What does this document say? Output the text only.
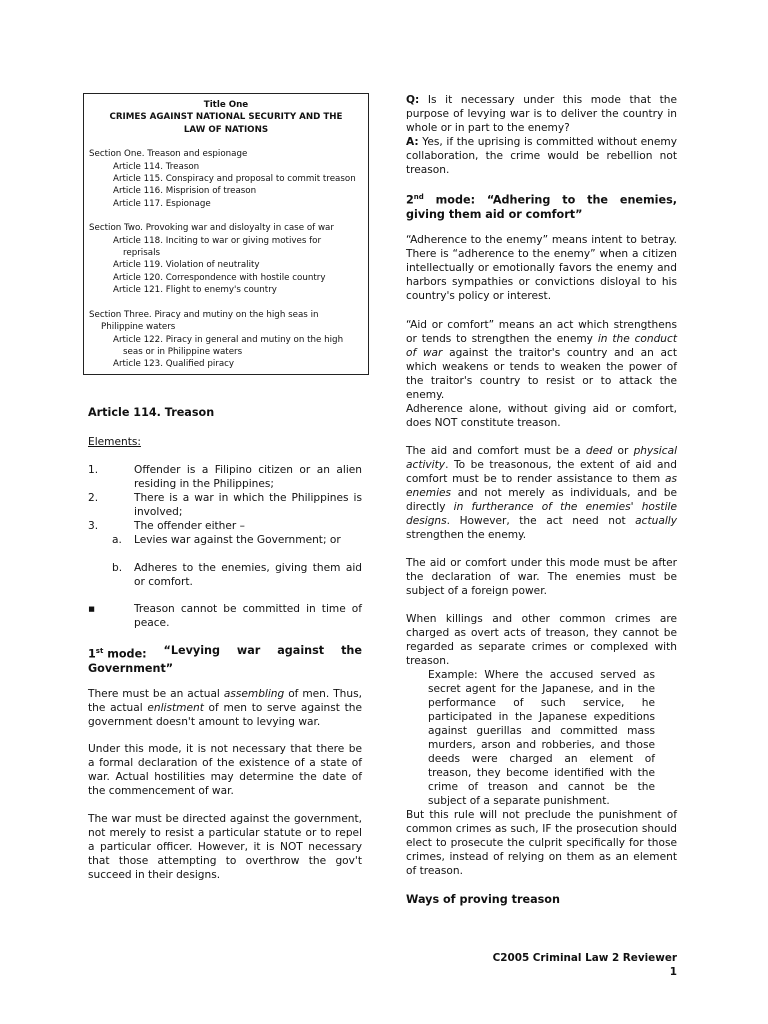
Title One
CRIMES AGAINST NATIONAL SECURITY AND THE
LAW OF NATIONS
Section One. Treason and espionage
Article 114. Treason
Article 115. Conspiracy and proposal to commit treason
Article 116. Misprision of treason
Article 117. Espionage
Section Two. Provoking war and disloyalty in case of war
Article 118. Inciting to war or giving motives for
reprisals
Article 119. Violation of neutrality
Article 120. Correspondence with hostile country
Article 121. Flight to enemy's country
Section Three. Piracy and mutiny on the high seas in
Philippine waters
Article 122. Piracy in general and mutiny on the high
seas or in Philippine waters
Article 123. Qualified piracy
Article 114. Treason

Elements:

1.	Offender is a Filipino citizen or an alien residing in the Philippines;
2.	There is a war in which the Philippines is involved;
3.	The offender either –
a. Levies war against the Government; or
b. Adheres to the enemies, giving them aid or comfort.
▪	Treason cannot be committed in time of peace.
1st mode: “Levying war against the
Government”

There must be an actual assembling of men. Thus, the actual enlistment of men to serve against the government doesn't amount to levying war.

Under this mode, it is not necessary that there be a formal declaration of the existence of a state of war. Actual hostilities may determine the date of the commencement of war.

The war must be directed against the government, not merely to resist a particular statute or to repel a particular officer. However, it is NOT necessary that those attempting to overthrow the gov't succeed in their designs.

Q: Is it necessary under this mode that the purpose of levying war is to deliver the country in whole or in part to the enemy?

A: Yes, if the uprising is committed without enemy collaboration, the crime would be rebellion not treason.

2nd mode: “Adhering to the enemies, giving them aid or comfort”

“Adherence to the enemy” means intent to betray. There is “adherence to the enemy” when a citizen intellectually or emotionally favors the enemy and harbors sympathies or convictions disloyal to his country's policy or interest.

“Aid or comfort” means an act which strengthens or tends to strengthen the enemy in the conduct of war against the traitor's country and an act which weakens or tends to weaken the power of the traitor's country to resist or to attack the enemy.

Adherence alone, without giving aid or comfort, does NOT constitute treason.

The aid and comfort must be a deed or physical activity. To be treasonous, the extent of aid and comfort must be to render assistance to them as enemies and not merely as individuals, and be directly in furtherance of the enemies' hostile designs. However, the act need not actually strengthen the enemy.

The aid or comfort under this mode must be after the declaration of war. The enemies must be subject of a foreign power.

When killings and other common crimes are charged as overt acts of treason, they cannot be regarded as separate crimes or complexed with treason.

Example: Where the accused served as secret agent for the Japanese, and in the performance of such service, he participated in the Japanese expeditions against guerillas and committed mass murders, arson and robberies, and those deeds were charged an element of treason, they become identified with the crime of treason and cannot be the subject of a separate punishment.

But this rule will not preclude the punishment of common crimes as such, IF the prosecution should elect to prosecute the culprit specifically for those crimes, instead of relying on them as an element of treason.

Ways of proving treason
C2005 Criminal Law 2 Reviewer
1
